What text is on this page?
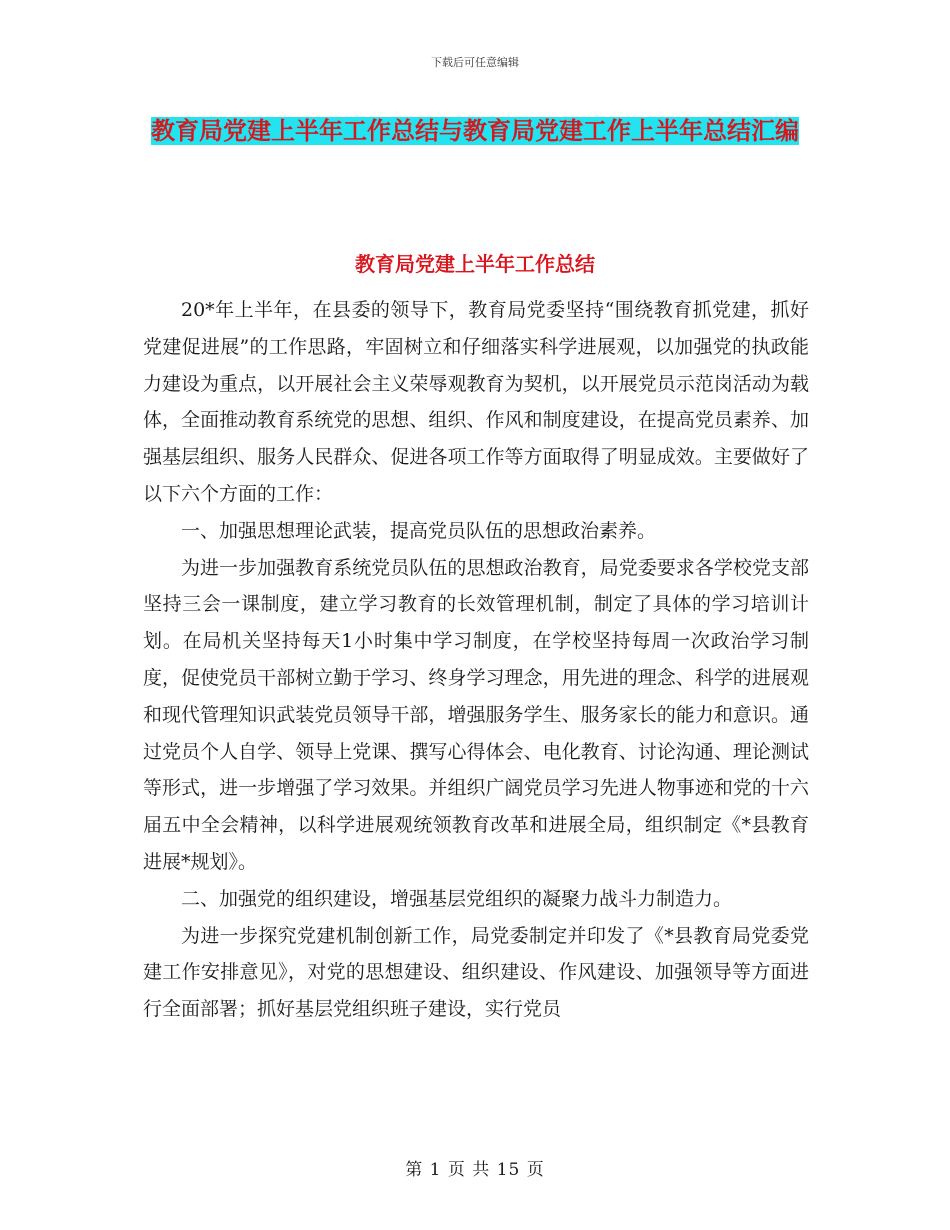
下载后可任意编辑
教育局党建上半年工作总结与教育局党建工作上半年总结汇编
教育局党建上半年工作总结

20*年上半年，在县委的领导下，教育局党委坚持“围绕教育抓党建，抓好党建促进展”的工作思路，牢固树立和仔细落实科学进展观，以加强党的执政能力建设为重点，以开展社会主义荣辱观教育为契机，以开展党员示范岗活动为载体，全面推动教育系统党的思想、组织、作风和制度建设，在提高党员素养、加强基层组织、服务人民群众、促进各项工作等方面取得了明显成效。主要做好了以下六个方面的工作：

一、加强思想理论武装，提高党员队伍的思想政治素养。

为进一步加强教育系统党员队伍的思想政治教育，局党委要求各学校党支部坚持三会一课制度，建立学习教育的长效管理机制，制定了具体的学习培训计划。在局机关坚持每天1小时集中学习制度，在学校坚持每周一次政治学习制度，促使党员干部树立勤于学习、终身学习理念，用先进的理念、科学的进展观和现代管理知识武装党员领导干部，增强服务学生、服务家长的能力和意识。通过党员个人自学、领导上党课、撰写心得体会、电化教育、讨论沟通、理论测试等形式，进一步增强了学习效果。并组织广阔党员学习先进人物事迹和党的十六届五中全会精神，以科学进展观统领教育改革和进展全局，组织制定《*县教育进展*规划》。

二、加强党的组织建设，增强基层党组织的凝聚力战斗力制造力。

为进一步探究党建机制创新工作，局党委制定并印发了《*县教育局党委党建工作安排意见》，对党的思想建设、组织建设、作风建设、加强领导等方面进行全面部署；抓好基层党组织班子建设，实行党员

第 1 页 共 15 页
